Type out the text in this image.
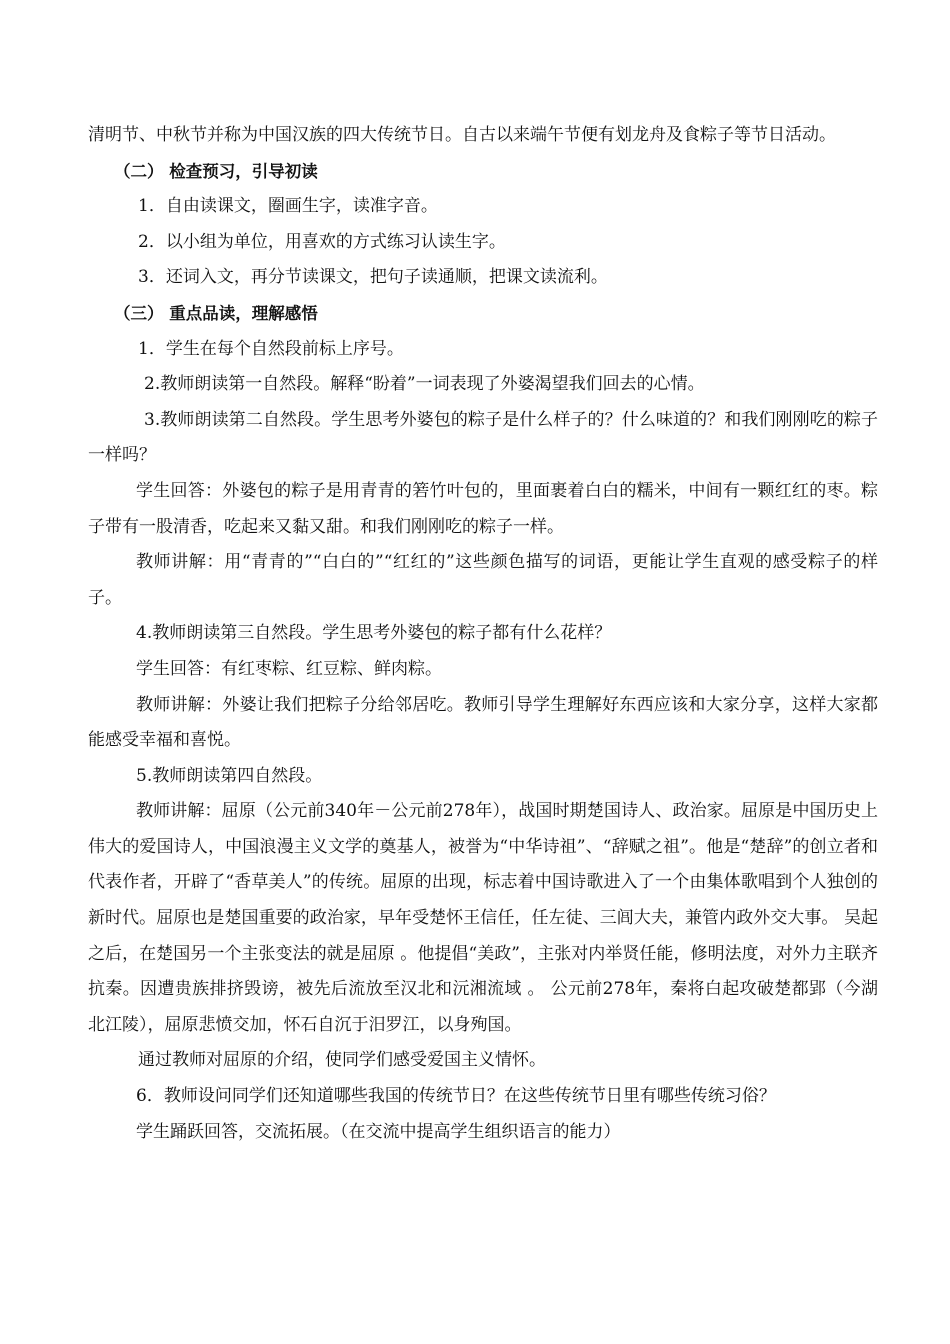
清明节、中秋节并称为中国汉族的四大传统节日。自古以来端午节便有划龙舟及食粽子等节日活动。

（二） 检查预习，引导初读

1．自由读课文，圈画生字，读准字音。

2．以小组为单位，用喜欢的方式练习认读生字。

3．还词入文，再分节读课文，把句子读通顺，把课文读流利。

（三） 重点品读，理解感悟

1．学生在每个自然段前标上序号。

2.教师朗读第一自然段。解释“盼着”一词表现了外婆渴望我们回去的心情。

3.教师朗读第二自然段。学生思考外婆包的粽子是什么样子的？什么味道的？和我们刚刚吃的粽子一样吗？

学生回答：外婆包的粽子是用青青的箬竹叶包的，里面裹着白白的糯米，中间有一颗红红的枣。粽子带有一股清香，吃起来又黏又甜。和我们刚刚吃的粽子一样。

教师讲解：用“青青的”“白白的”“红红的”这些颜色描写的词语，更能让学生直观的感受粽子的样子。

4.教师朗读第三自然段。学生思考外婆包的粽子都有什么花样？

学生回答：有红枣粽、红豆粽、鲜肉粽。

教师讲解：外婆让我们把粽子分给邻居吃。教师引导学生理解好东西应该和大家分享，这样大家都能感受幸福和喜悦。

5.教师朗读第四自然段。

教师讲解：屈原（公元前340年－公元前278年），战国时期楚国诗人、政治家。屈原是中国历史上伟大的爱国诗人，中国浪漫主义文学的奠基人，被誉为“中华诗祖”、“辞赋之祖”。他是“楚辞”的创立者和代表作者，开辟了“香草美人”的传统。屈原的出现，标志着中国诗歌进入了一个由集体歌唱到个人独创的新时代。屈原也是楚国重要的政治家，早年受楚怀王信任，任左徒、三闾大夫，兼管内政外交大事。 吴起之后，在楚国另一个主张变法的就是屈原 。他提倡“美政”，主张对内举贤任能，修明法度，对外力主联齐抗秦。因遭贵族排挤毁谤，被先后流放至汉北和沅湘流域 。 公元前278年，秦将白起攻破楚都郢（今湖北江陵），屈原悲愤交加，怀石自沉于汨罗江，以身殉国。

通过教师对屈原的介绍，使同学们感受爱国主义情怀。

6．教师设问同学们还知道哪些我国的传统节日？在这些传统节日里有哪些传统习俗？

学生踊跃回答，交流拓展。（在交流中提高学生组织语言的能力）
